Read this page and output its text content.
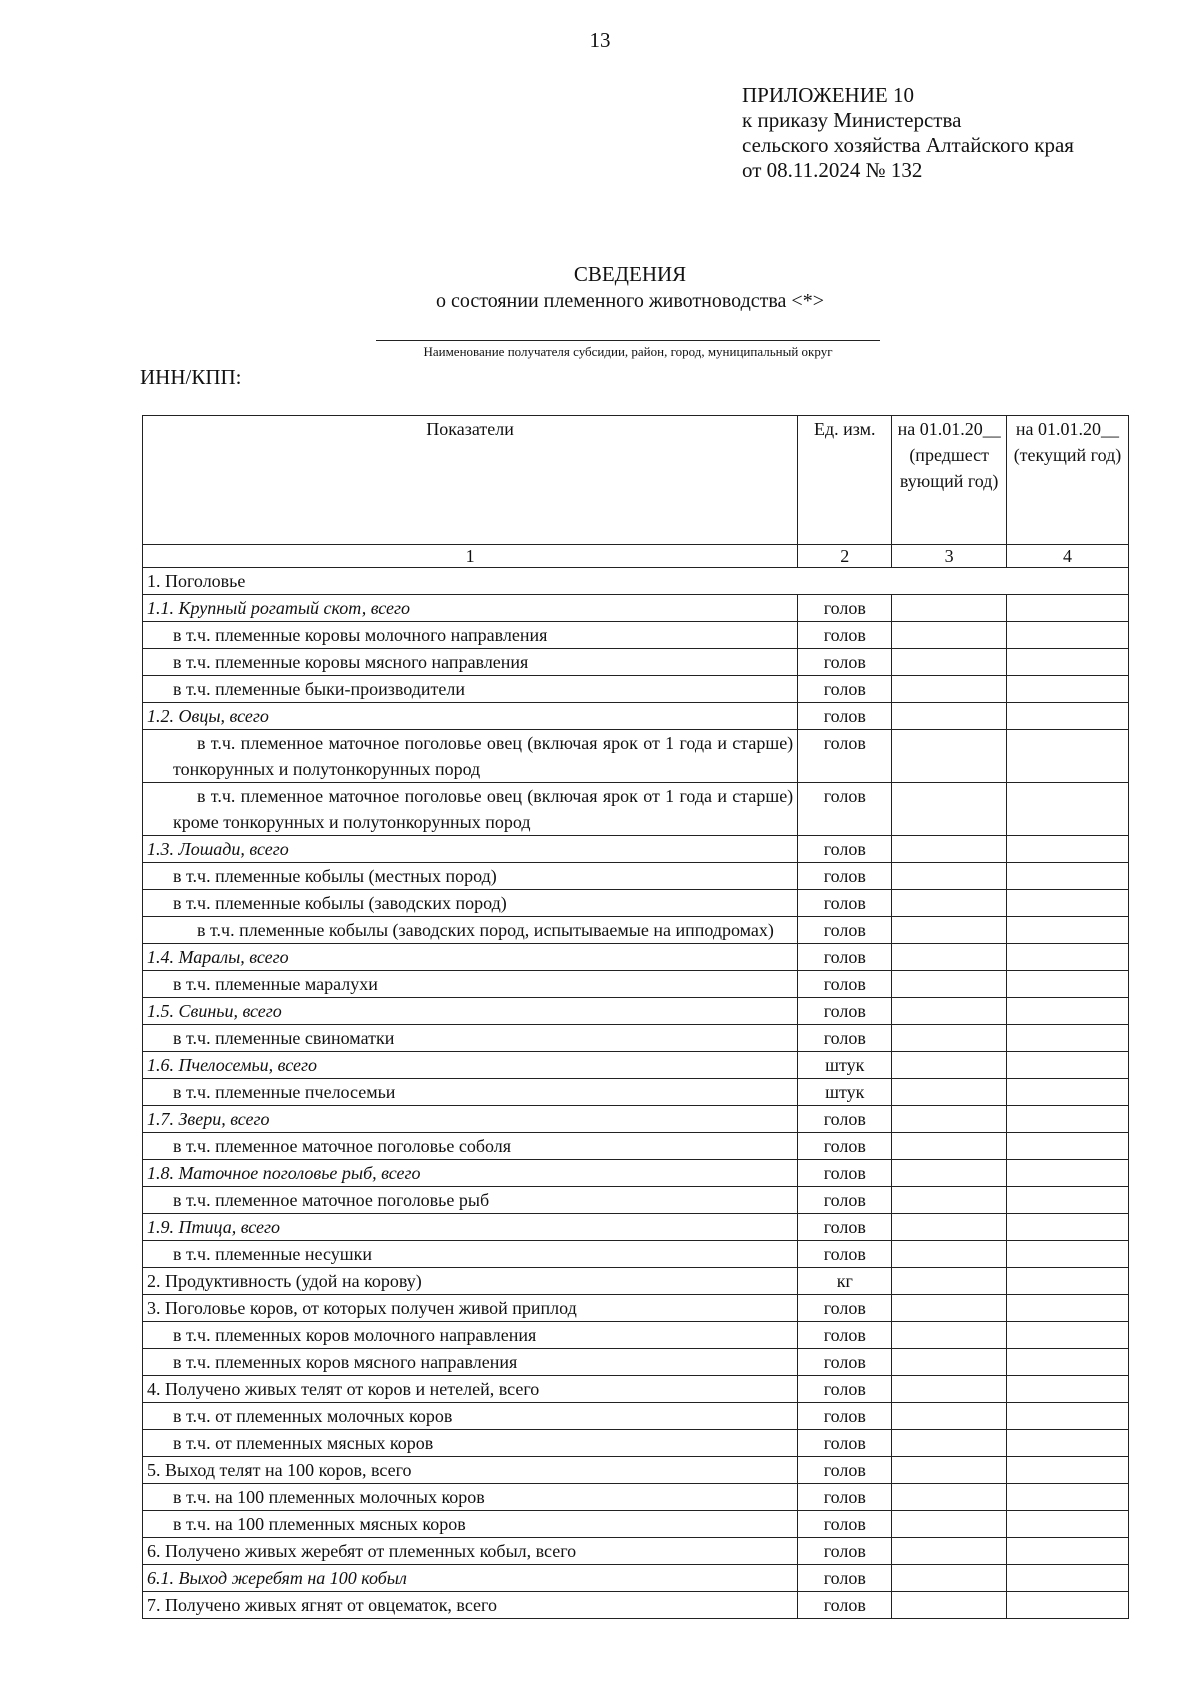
13
ПРИЛОЖЕНИЕ 10
к приказу Министерства
сельского хозяйства Алтайского края
от 08.11.2024 № 132
СВЕДЕНИЯ
о состоянии племенного животноводства <*>
Наименование получателя субсидии, район, город, муниципальный округ
ИНН/КПП:
Показатели	Ед. изм.	на 01.01.20__ (предшест вующий год)	на 01.01.20__ (текущий год)
1	2	3	4
1. Поголовье			
1.1. Крупный рогатый скот, всего	голов		
в т.ч. племенные коровы молочного направления	голов		
в т.ч. племенные коровы мясного направления	голов		
в т.ч. племенные быки-производители	голов		
1.2. Овцы, всего	голов		
в т.ч. племенное маточное поголовье овец (включая ярок от 1 года и старше) тонкорунных и полутонкорунных пород	голов		
в т.ч. племенное маточное поголовье овец (включая ярок от 1 года и старше) кроме тонкорунных и полутонкорунных пород	голов		
1.3. Лошади, всего	голов		
в т.ч. племенные кобылы (местных пород)	голов		
в т.ч. племенные кобылы (заводских пород)	голов		
в т.ч. племенные кобылы (заводских пород, испытываемые на ипподромах)	голов		
1.4. Маралы, всего	голов		
в т.ч. племенные маралухи	голов		
1.5. Свиньи, всего	голов		
в т.ч. племенные свиноматки	голов		
1.6. Пчелосемьи, всего	штук		
в т.ч. племенные пчелосемьи	штук		
1.7. Звери, всего	голов		
в т.ч. племенное маточное поголовье соболя	голов		
1.8. Маточное поголовье рыб, всего	голов		
в т.ч. племенное маточное поголовье рыб	голов		
1.9. Птица, всего	голов		
в т.ч. племенные несушки	голов		
2. Продуктивность (удой на корову)	кг		
3. Поголовье коров, от которых получен живой приплод	голов		
в т.ч. племенных коров молочного направления	голов		
в т.ч. племенных коров мясного направления	голов		
4. Получено живых телят от коров и нетелей, всего	голов		
в т.ч. от племенных молочных коров	голов		
в т.ч. от племенных мясных коров	голов		
5. Выход телят на 100 коров, всего	голов		
в т.ч. на 100 племенных молочных коров	голов		
в т.ч. на 100 племенных мясных коров	голов		
6. Получено живых жеребят от племенных кобыл, всего	голов		
6.1. Выход жеребят на 100 кобыл	голов		
7. Получено живых ягнят от овцематок, всего	голов		
